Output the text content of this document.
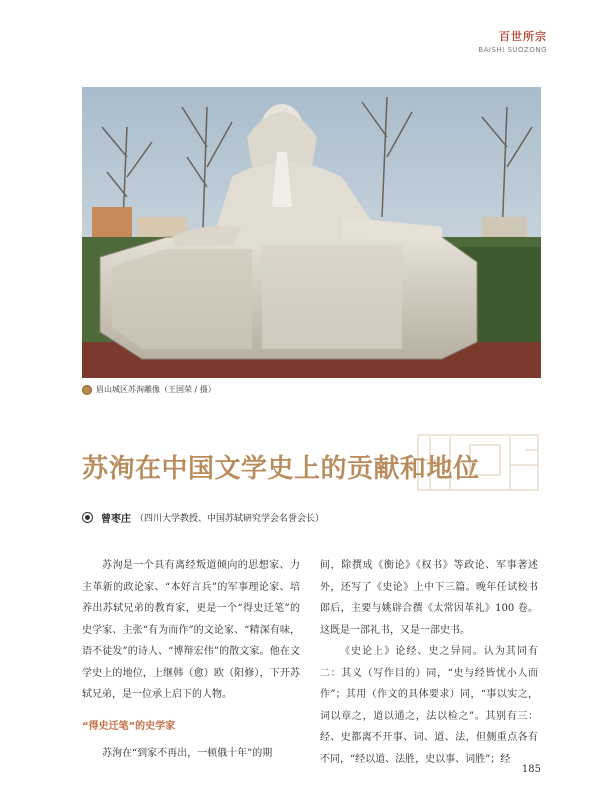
百世所宗
BAISHI SUOZONG
眉山城区苏洵雕像（王国荣 / 摄）
苏洵在中国文学史上的贡献和地位
曾枣庄 （四川大学教授、中国苏轼研究学会名誉会长）

苏洵是一个具有离经叛道倾向的思想家、力主革新的政论家、“本好言兵”的军事理论家、培养出苏轼兄弟的教育家，更是一个“得史迁笔”的史学家、主张“有为而作”的文论家、“精深有味，语不徒发”的诗人、“博辩宏伟”的散文家。他在文学史上的地位，上继韩（愈）欧（阳修），下开苏轼兄弟，是一位承上启下的人物。

“得史迁笔”的史学家

苏洵在“到家不再出，一顿俄十年”的期

间，除撰成《衡论》《权书》等政论、军事著述外，还写了《史论》上中下三篇。晚年任试校书郎后，主要与姚辟合撰《太常因革礼》100 卷。这既是一部礼书，又是一部史书。

《史论上》论经、史之异同。认为其同有二：其义（写作目的）同，“史与经皆忧小人而作”；其用（作文的具体要求）同，“事以实之，词以章之，道以通之，法以检之”。其别有三：经、史都离不开事、词、道、法，但侧重点各有不同，“经以道、法胜，史以事、词胜”；经

185
